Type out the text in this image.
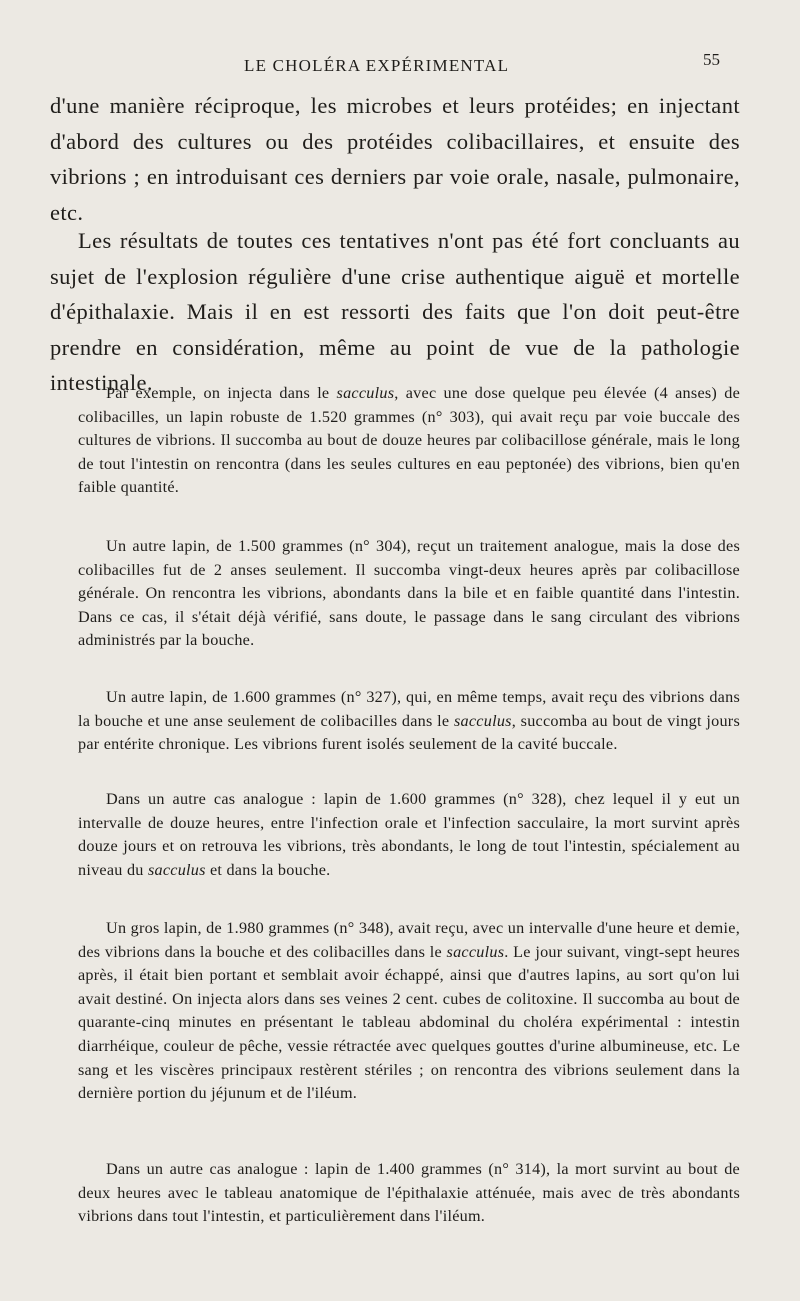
LE CHOLÉRA EXPÉRIMENTAL	55

d'une manière réciproque, les microbes et leurs protéides; en injectant d'abord des cultures ou des protéides colibacillaires, et ensuite des vibrions ; en introduisant ces derniers par voie orale, nasale, pulmonaire, etc.

Les résultats de toutes ces tentatives n'ont pas été fort concluants au sujet de l'explosion régulière d'une crise authentique aiguë et mortelle d'épithalaxie. Mais il en est ressorti des faits que l'on doit peut-être prendre en considération, même au point de vue de la pathologie intestinale.

Par exemple, on injecta dans le sacculus, avec une dose quelque peu élevée (4 anses) de colibacilles, un lapin robuste de 1.520 grammes (n° 303), qui avait reçu par voie buccale des cultures de vibrions. Il succomba au bout de douze heures par colibacillose générale, mais le long de tout l'intestin on rencontra (dans les seules cultures en eau peptonée) des vibrions, bien qu'en faible quantité.

Un autre lapin, de 1.500 grammes (n° 304), reçut un traitement analogue, mais la dose des colibacilles fut de 2 anses seulement. Il succomba vingt-deux heures après par colibacillose générale. On rencontra les vibrions, abondants dans la bile et en faible quantité dans l'intestin. Dans ce cas, il s'était déjà vérifié, sans doute, le passage dans le sang circulant des vibrions administrés par la bouche.

Un autre lapin, de 1.600 grammes (n° 327), qui, en même temps, avait reçu des vibrions dans la bouche et une anse seulement de colibacilles dans le sacculus, succomba au bout de vingt jours par entérite chronique. Les vibrions furent isolés seulement de la cavité buccale.

Dans un autre cas analogue : lapin de 1.600 grammes (n° 328), chez lequel il y eut un intervalle de douze heures, entre l'infection orale et l'infection sacculaire, la mort survint après douze jours et on retrouva les vibrions, très abondants, le long de tout l'intestin, spécialement au niveau du sacculus et dans la bouche.

Un gros lapin, de 1.980 grammes (n° 348), avait reçu, avec un intervalle d'une heure et demie, des vibrions dans la bouche et des colibacilles dans le sacculus. Le jour suivant, vingt-sept heures après, il était bien portant et semblait avoir échappé, ainsi que d'autres lapins, au sort qu'on lui avait destiné. On injecta alors dans ses veines 2 cent. cubes de colitoxine. Il succomba au bout de quarante-cinq minutes en présentant le tableau abdominal du choléra expérimental : intestin diarrhéique, couleur de pêche, vessie rétractée avec quelques gouttes d'urine albumineuse, etc. Le sang et les viscères principaux restèrent stériles ; on rencontra des vibrions seulement dans la dernière portion du jéjunum et de l'iléum.

Dans un autre cas analogue : lapin de 1.400 grammes (n° 314), la mort survint au bout de deux heures avec le tableau anatomique de l'épithalaxie atténuée, mais avec de très abondants vibrions dans tout l'intestin, et particulièrement dans l'iléum.
